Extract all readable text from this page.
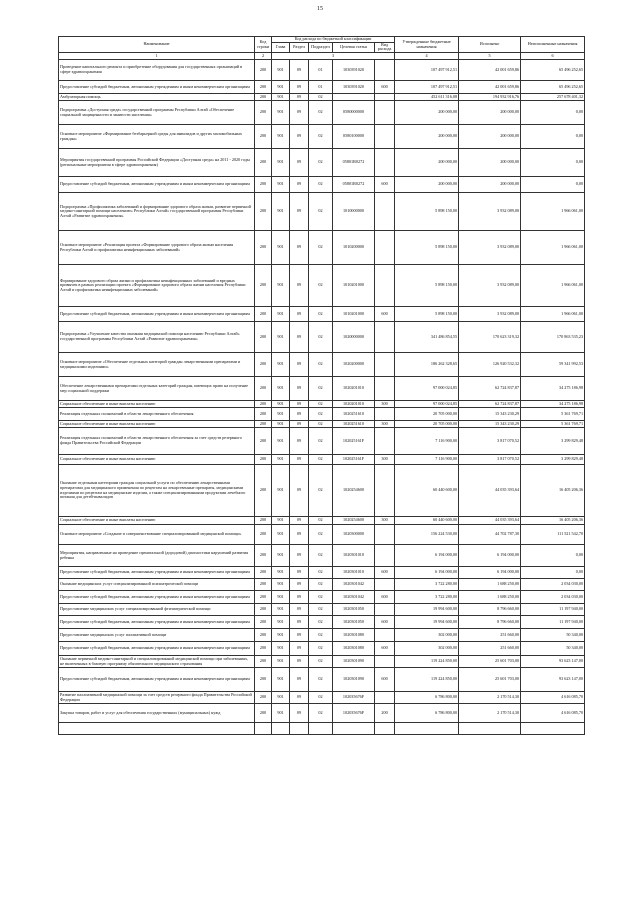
15
Наименование	Код строки	Код расхода по бюджетной классификации					Утвержденные бюджетные назначения	Исполнено	Неисполненные назначения
		Глава	Раздел	Подраздел	Целевая статья	Вид расхода			
1	2	3					4	5	6
Проведение капитального ремонта и приобретение оборудования для государственных организаций в сфере здравоохранения	200	901	09	01	1030391020		107 497 912,51	42 001 659,86	65 496 252,65
Предоставление субсидий бюджетным, автономным учреждениям и иным некоммерческим организациям	200	901	09	01	1030391020	600	107 497 912,51	42 001 659,86	65 496 252,65
Амбулаторная помощь	200	901	09	02			452 611 316,08	194 932 916,76	257 678 401,32
Подпрограмма «Доступная среда» государственной программы Республики Алтай «Обеспечение социальной защищенности и занятости населения»	200	901	09	02	0580000000		200 000,00	200 000,00	0,00
Основное мероприятие «Формирование безбарьерной среды для инвалидов и других маломобильных граждан»	200	901	09	02	0580100000		200 000,00	200 000,00	0,00
Мероприятия государственной программы Российской Федерации «Доступная среда» на 2011 - 2020 годы (региональные мероприятия в сфере здравоохранения)	200	901	09	02	05801R0272		200 000,00	200 000,00	0,00
Предоставление субсидий бюджетным, автономным учреждениям и иным некоммерческим организациям	200	901	09	02	05801R0272	600	200 000,00	200 000,00	0,00
Подпрограмма «Профилактика заболеваний и формирование здорового образа жизни, развитие первичной медико-санитарной помощи населению» Республики Алтай» государственной программы Республики Алтай «Развитие здравоохранения»	200	901	09	02	1010000000		5 898 150,00	3 932 089,00	1 966 061,00
Основное мероприятие «Реализация проекта «Формирование здорового образа жизни населения Республики Алтай и профилактика неинфекционных заболеваний»	200	901	09	02	1010200000		5 898 150,00	3 932 089,00	1 966 061,00
Формирование здорового образа жизни и профилактика неинфекционных заболеваний и вредных привычек в рамках реализации проекта «Формирование здорового образа жизни населения Республики Алтай и профилактика неинфекционных заболеваний»	200	901	09	02	1010201000		5 898 150,00	3 932 089,00	1 966 061,00
Предоставление субсидий бюджетным, автономным учреждениям и иным некоммерческим организациям	200	901	09	02	1010201000	600	5 898 150,00	3 932 089,00	1 966 061,00
Подпрограмма «Улучшение качества оказания медицинской помощи населению Республики Алтай» государственной программы Республики Алтай «Развитие здравоохранения»	200	901	09	02	1020000000		341 486 854,55	170 623 319,32	170 863 535,23
Основное мероприятие «Обеспечение отдельных категорий граждан лекарственными препаратами и медицинскими изделиями»	200	901	09	02	1020200000		186 262 328,65	126 920 532,32	59 341 992,53
Обеспечение лекарственными препаратами отдельных категорий граждан, имеющих право на получение мер социальной поддержки	200	901	09	02	1020201010		97 000 024,85	62 724 837,87	34 275 186,98
Социальное обеспечение и иные выплаты населению	200	901	09	02	1020201010	300	97 000 024,85	62 724 837,87	34 275 186,98
Реализация отдельных полномочий в области лекарственного обеспечения	200	901	09	02	1020251610		20 705 000,00	15 343 230,29	5 361 769,71
Социальное обеспечение и иные выплаты населению	200	901	09	02	1020251610	300	20 705 000,00	15 343 230,29	5 361 769,71
Реализация отдельных полномочий в области лекарственного обеспечения за счет средств резервного фонда Правительства Российской Федерации	200	901	09	02	102025161F		7 116 900,00	3 817 070,52	3 299 829,48
Социальное обеспечение и иные выплаты населению	200	901	09	02	102025161F	300	7 116 900,00	3 817 070,52	3 299 829,48
Оказание отдельным категориям граждан социальной услуги по обеспечению лекарственными препаратами для медицинского применения по рецептам на лекарственные препараты, медицинскими изделиями по рецептам на медицинские изделия, а также специализированными продуктами лечебного питания для детей-инвалидов	200	901	09	02	1020254600		60 440 600,00	44 035 393,64	16 405 206,36
Социальное обеспечение и иные выплаты населению	200	901	09	02	1020254600	300	60 440 600,00	44 035 393,64	16 405 206,36
Основное мероприятие «Создание и совершенствование специализированной медицинской помощи»	200	901	09	02	1020300000		156 224 530,00	44 702 787,30	111 521 542,70
Мероприятия, направленные на проведение пренатальной (дородовой) диагностики нарушений развития ребенка	200	901	09	02	1020301010		6 194 000,00	6 194 000,00	0,00
Предоставление субсидий бюджетным, автономным учреждениям и иным некоммерческим организациям	200	901	09	02	1020301010	600	6 194 000,00	6 194 000,00	0,00
Оказание медицинских услуг специализированной психиатрической помощи	200	901	09	02	1020301042		3 722 280,00	1 688 250,00	2 034 030,00
Предоставление субсидий бюджетным, автономным учреждениям и иным некоммерческим организациям	200	901	09	02	1020301042	600	3 722 280,00	1 688 250,00	2 034 030,00
Предоставление медицинских услуг специализированной фтизиатрической помощи	200	901	09	02	1020301050		19 994 600,00	8 796 660,00	11 197 940,00
Предоставление субсидий бюджетным, автономным учреждениям и иным некоммерческим организациям	200	901	09	02	1020301050	600	19 994 600,00	8 796 660,00	11 197 940,00
Предоставление медицинских услуг паллиативной помощи	200	901	09	02	1020301080		302 000,00	251 660,00	50 340,00
Предоставление субсидий бюджетным, автономным учреждениям и иным некоммерческим организациям	200	901	09	02	1020301080	600	302 000,00	251 660,00	50 340,00
Оказание первичной медико-санитарной и специализированной медицинской помощи при заболеваниях, не включенных в базовую программу обязательного медицинского страхования	200	901	09	02	1020301090		119 224 850,00	25 601 703,00	93 623 147,00
Предоставление субсидий бюджетным, автономным учреждениям и иным некоммерческим организациям	200	901	09	02	1020301090	600	119 224 850,00	25 601 703,00	93 623 147,00
Развитие паллиативной медицинской помощи за счет средств резервного фонда Правительства Российской Федерации	200	901	09	02	102035676F		6 786 800,00	2 170 514,30	4 616 085,70
Закупка товаров, работ и услуг для обеспечения государственных (муниципальных) нужд	200	901	09	02	102035676F	200	6 786 800,00	2 170 514,30	4 616 085,70
